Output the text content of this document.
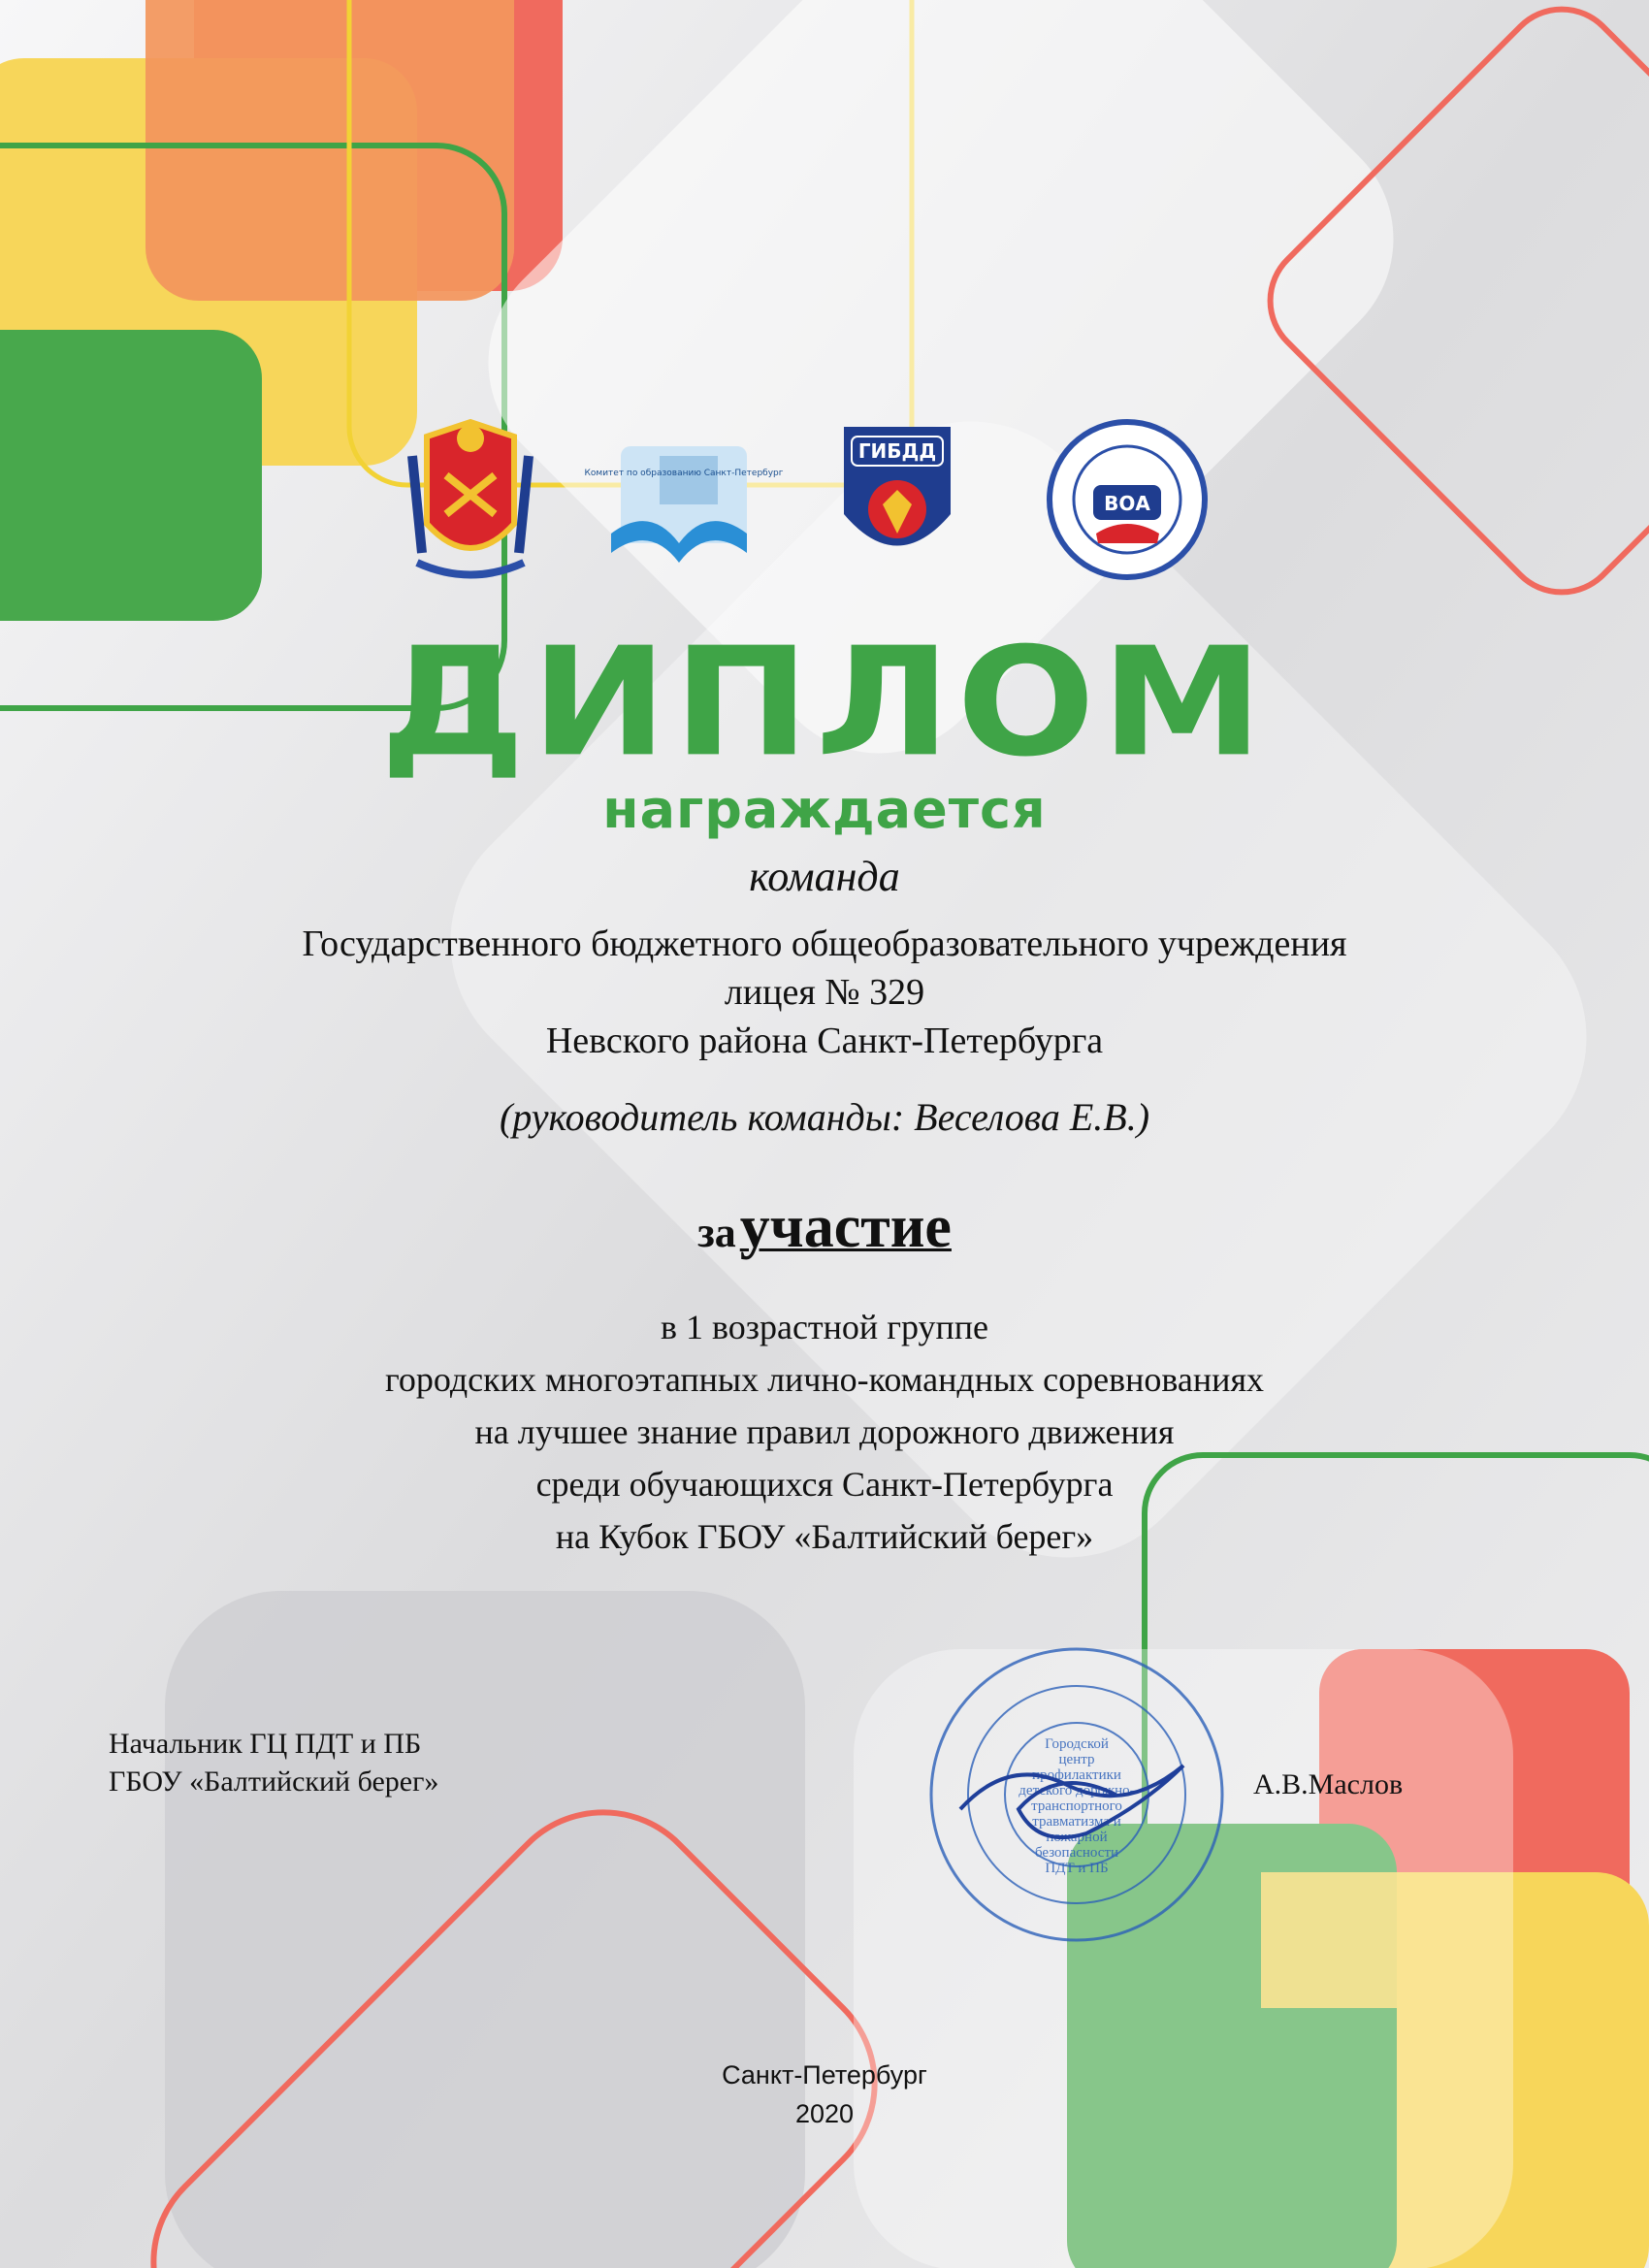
Комитет по образованию Санкт-Петербург
ГИБДД
ВОА
ДИПЛОМ
награждается
команда
Государственного бюджетного общеобразовательного учреждения
лицея № 329
Невского района Санкт-Петербурга
(руководитель команды: Веселова Е.В.)
за участие
в 1 возрастной группе
городских многоэтапных лично-командных соревнованиях
на лучшее знание правил дорожного движения
среди обучающихся Санкт-Петербурга
на Кубок ГБОУ «Балтийский берег»
Начальник ГЦ ПДТ и ПБ
ГБОУ «Балтийский берег»
Городской
центр
профилактики
детского дорожно-
транспортного
травматизма и
пожарной
безопасности
ПДТ и ПБ
А.В.Маслов
Санкт-Петербург
2020
